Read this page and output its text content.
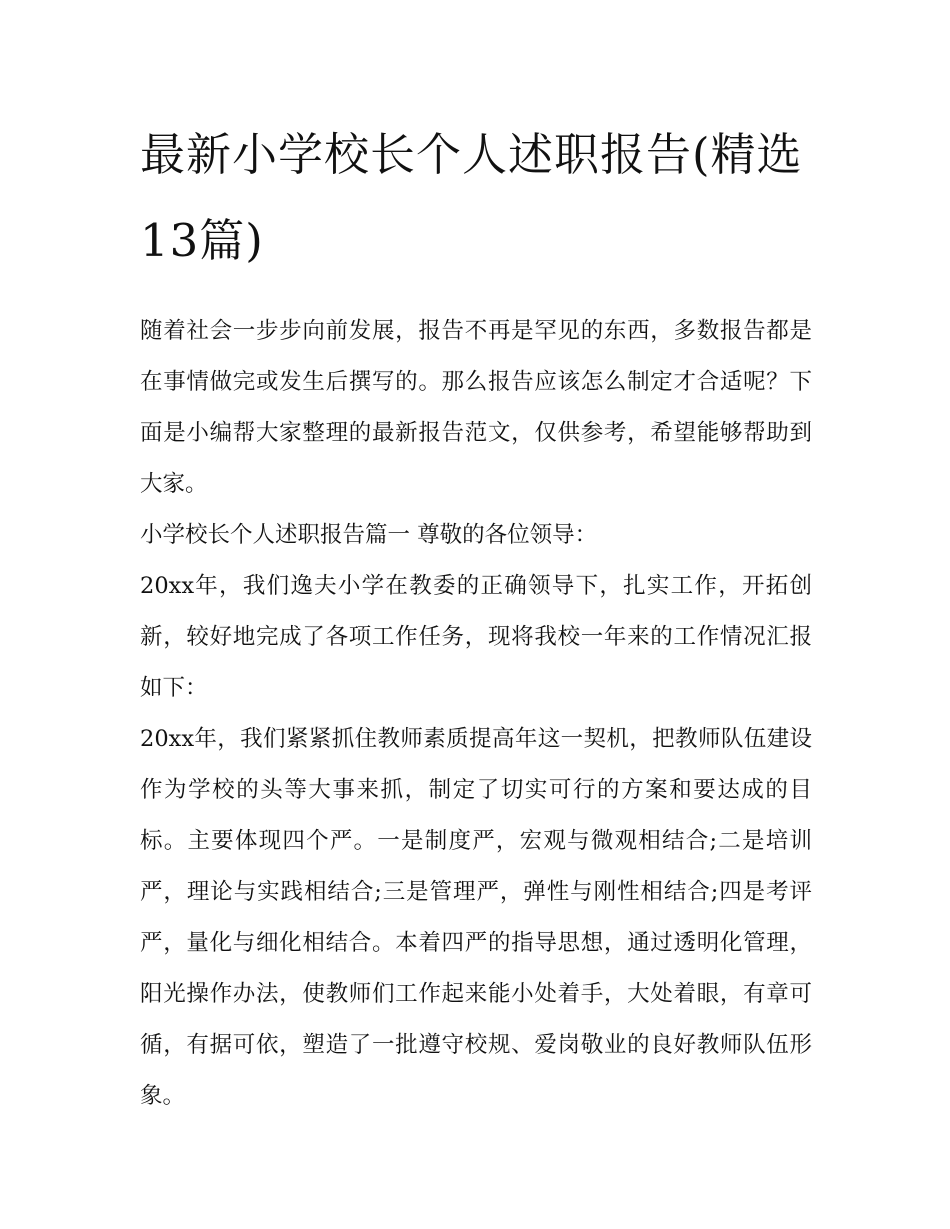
最新小学校长个人述职报告(精选13篇)

随着社会一步步向前发展，报告不再是罕见的东西，多数报告都是在事情做完或发生后撰写的。那么报告应该怎么制定才合适呢？下面是小编帮大家整理的最新报告范文，仅供参考，希望能够帮助到大家。

小学校长个人述职报告篇一 尊敬的各位领导：

20xx年，我们逸夫小学在教委的正确领导下，扎实工作，开拓创新，较好地完成了各项工作任务，现将我校一年来的工作情况汇报如下：

20xx年，我们紧紧抓住教师素质提高年这一契机，把教师队伍建设作为学校的头等大事来抓，制定了切实可行的方案和要达成的目标。主要体现四个严。一是制度严，宏观与微观相结合;二是培训严，理论与实践相结合;三是管理严，弹性与刚性相结合;四是考评严，量化与细化相结合。本着四严的指导思想，通过透明化管理，阳光操作办法，使教师们工作起来能小处着手，大处着眼，有章可循，有据可依，塑造了一批遵守校规、爱岗敬业的良好教师队伍形象。
